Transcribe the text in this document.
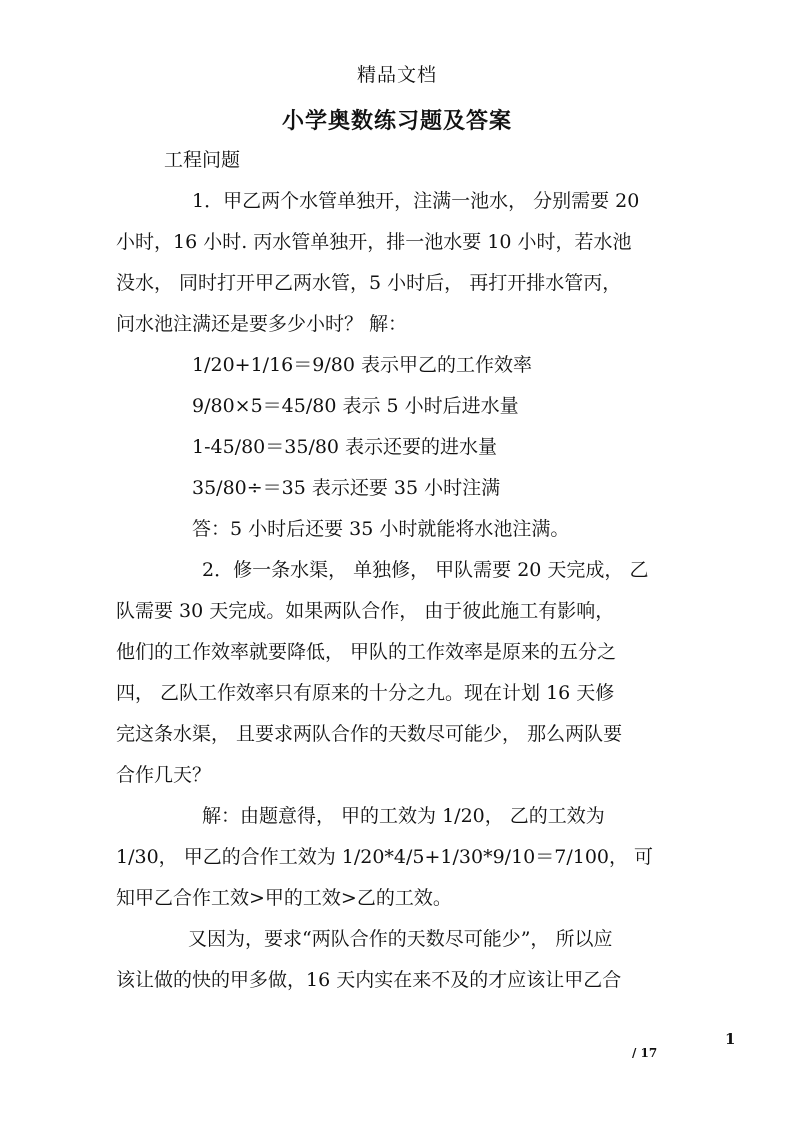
精品文档
小学奥数练习题及答案
工程问题
1．甲乙两个水管单独开，注满一池水， 分别需要 20
小时，16 小时. 丙水管单独开，排一池水要 10 小时，若水池
没水， 同时打开甲乙两水管，5 小时后， 再打开排水管丙，
问水池注满还是要多少小时？ 解：
1/20+1/16＝9/80 表示甲乙的工作效率
9/80×5＝45/80 表示 5 小时后进水量
1-45/80＝35/80 表示还要的进水量
35/80÷＝35 表示还要 35 小时注满
答：5 小时后还要 35 小时就能将水池注满。
2．修一条水渠， 单独修， 甲队需要 20 天完成， 乙
队需要 30 天完成。如果两队合作， 由于彼此施工有影响，
他们的工作效率就要降低， 甲队的工作效率是原来的五分之
四， 乙队工作效率只有原来的十分之九。现在计划 16 天修
完这条水渠， 且要求两队合作的天数尽可能少， 那么两队要
合作几天？
解：由题意得， 甲的工效为 1/20， 乙的工效为
1/30， 甲乙的合作工效为 1/20*4/5+1/30*9/10＝7/100， 可
知甲乙合作工效>甲的工效>乙的工效。
又因为，要求“两队合作的天数尽可能少”， 所以应
该让做的快的甲多做，16 天内实在来不及的才应该让甲乙合
1
/ 17
